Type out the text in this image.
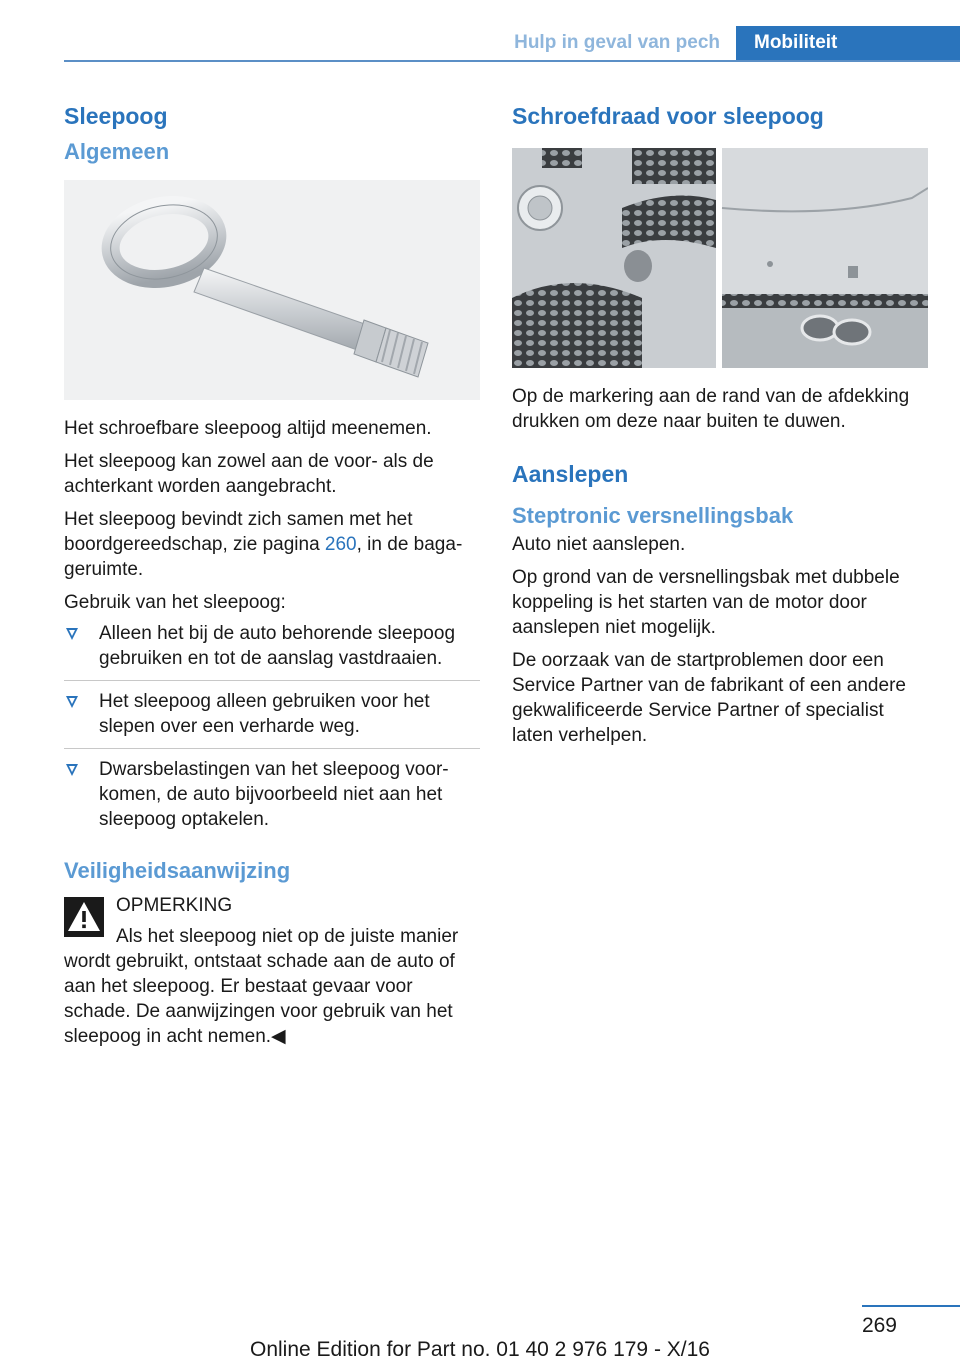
Hulp in geval van pech	Mobiliteit
Sleepoog
Algemeen

Het schroefbare sleepoog altijd meenemen.

Het sleepoog kan zowel aan de voor- als de achterkant worden aangebracht.

Het sleepoog bevindt zich samen met het boordgereedschap, zie pagina 260, in de bagageruimte.

Gebruik van het sleepoog:

Alleen het bij de auto behorende sleepoog gebruiken en tot de aanslag vastdraaien.
Het sleepoog alleen gebruiken voor het slepen over een verharde weg.
Dwarsbelastingen van het sleepoog voorkomen, de auto bijvoorbeeld niet aan het sleepoog optakelen.
Veiligheidsaanwijzing

OPMERKING

Als het sleepoog niet op de juiste manier wordt gebruikt, ontstaat schade aan de auto of aan het sleepoog. Er bestaat gevaar voor schade. De aanwijzingen voor gebruik van het sleepoog in acht nemen.◀

Schroefdraad voor sleepoog

Op de markering aan de rand van de afdekking drukken om deze naar buiten te duwen.

Aanslepen
Steptronic versnellingsbak

Auto niet aanslepen.

Op grond van de versnellingsbak met dubbele koppeling is het starten van de motor door aanslepen niet mogelijk.

De oorzaak van de startproblemen door een Service Partner van de fabrikant of een andere gekwalificeerde Service Partner of specialist laten verhelpen.

269
Online Edition for Part no. 01 40 2 976 179 - X/16
